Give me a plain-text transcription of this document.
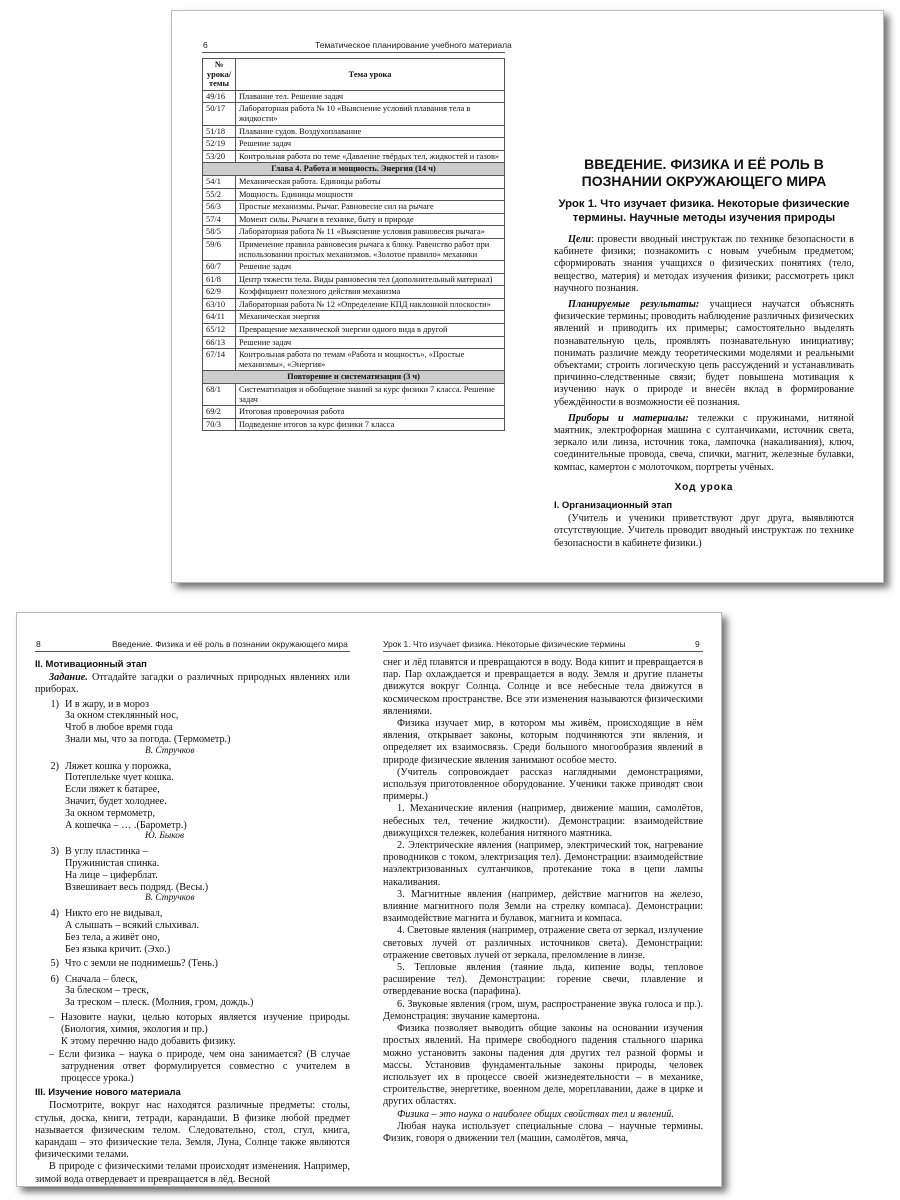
6	Тематическое планирование учебного материала
№ урока/ темы	Тема урока
49/16	Плавание тел. Решение задач
50/17	Лабораторная работа № 10 «Выяснение условий плавания тела в жидкости»
51/18	Плавание судов. Воздухоплавание
52/19	Решение задач
53/20	Контрольная работа по теме «Давление твёрдых тел, жидкостей и газов»
Глава 4. Работа и мощность. Энергия (14 ч)	
54/1	Механическая работа. Единицы работы
55/2	Мощность. Единицы мощности
56/3	Простые механизмы. Рычаг. Равновесие сил на рычаге
57/4	Момент силы. Рычаги в технике, быту и природе
58/5	Лабораторная работа № 11 «Выяснение условия равновесия рычага»
59/6	Применение правила равновесия рычага к блоку. Равенство работ при использовании простых механизмов. «Золотое правило» механики
60/7	Решение задач
61/8	Центр тяжести тела. Виды равновесия тел (дополнительный материал)
62/9	Коэффициент полезного действия механизма
63/10	Лабораторная работа № 12 «Определение КПД наклонной плоскости»
64/11	Механическая энергия
65/12	Превращение механической энергии одного вида в другой
66/13	Решение задач
67/14	Контрольная работа по темам «Работа и мощность», «Простые механизмы», «Энергия»
Повторение и систематизация (3 ч)	
68/1	Систематизация и обобщение знаний за курс физики 7 класса. Решение задач
69/2	Итоговая проверочная работа
70/3	Подведение итогов за курс физики 7 класса

ВВЕДЕНИЕ. ФИЗИКА И ЕЁ РОЛЬ В ПОЗНАНИИ ОКРУЖАЮЩЕГО МИРА

Урок 1. Что изучает физика. Некоторые физические термины. Научные методы изучения природы

Цели: провести вводный инструктаж по технике безопасности в кабинете физики; познакомить с новым учебным предметом; сформировать знания учащихся о физических понятиях (тело, вещество, материя) и методах изучения физики; рассмотреть цикл научного познания.

Планируемые результаты: учащиеся научатся объяснять физические термины; проводить наблюдение различных физических явлений и приводить их примеры; самостоятельно выделять познавательную цель, проявлять познавательную инициативу; понимать различие между теоретическими моделями и реальными объектами; строить логическую цепь рассуждений и устанавливать причинно-следственные связи; будет повышена мотивация к изучению наук о природе и внесён вклад в формирование убеждённости в возможности её познания.

Приборы и материалы: тележки с пружинами, нитяной маятник, электрофорная машина с султанчиками, источник света, зеркало или линза, источник тока, лампочка (накаливания), ключ, соединительные провода, свеча, спички, магнит, железные булавки, компас, камертон с молоточком, портреты учёных.

Ход урока

I. Организационный этап

(Учитель и ученики приветствуют друг друга, выявляются отсутствующие. Учитель проводит вводный инструктаж по технике безопасности в кабинете физики.)

8	Введение. Физика и её роль в познании окружающего мира	Урок 1. Что изучает физика. Некоторые физические термины	9

II. Мотивационный этап

Задание. Отгадайте загадки о различных природных явлениях или приборах.

1) И в жару, и в мороз
За окном стеклянный нос,
Чтоб в любое время года
Знали мы, что за погода. (Термометр.)
В. Стручков
2) Ляжет кошка у порожка,
Потеплельке чует кошка.
Если ляжет к батарее,
Значит, будет холоднее.
За окном термометр,
А кошечка – … .(Барометр.)
Ю. Быков
3) В углу пластинка –
Пружинистая спинка.
На лице – циферблат.
Взвешивает весь подряд. (Весы.)
В. Стручков
4) Никто его не видывал,
А слышать – всякий слыхивал.
Без тела, а живёт оно,
Без языка кричит. (Эхо.)
5) Что с земли не поднимешь? (Тень.)
6) Сначала – блеск,
За блеском – треск,
За треском – плеск. (Молния, гром, дождь.)

– Назовите науки, целью которых является изучение природы. (Биология, химия, экология и пр.)

К этому перечню надо добавить физику.

– Если физика – наука о природе, чем она занимается? (В случае затруднения ответ формулируется совместно с учителем в процессе урока.)

III. Изучение нового материала

Посмотрите, вокруг нас находятся различные предметы: столы, стулья, доска, книги, тетради, карандаши. В физике любой предмет называется физическим телом. Следовательно, стол, стул, книга, карандаш – это физические тела. Земля, Луна, Солнце также являются физическими телами.

В природе с физическими телами происходят изменения. Например, зимой вода отвердевает и превращается в лёд. Весной

снег и лёд плавятся и превращаются в воду. Вода кипит и превращается в пар. Пар охлаждается и превращается в воду. Земля и другие планеты движутся вокруг Солнца. Солнце и все небесные тела движутся в космическом пространстве. Все эти изменения называются физическими явлениями.

Физика изучает мир, в котором мы живём, происходящие в нём явления, открывает законы, которым подчиняются эти явления, и определяет их взаимосвязь. Среди большого многообразия явлений в природе физические явления занимают особое место.

(Учитель сопровождает рассказ наглядными демонстрациями, используя приготовленное оборудование. Ученики также приводят свои примеры.)

1. Механические явления (например, движение машин, самолётов, небесных тел, течение жидкости). Демонстрации: взаимодействие движущихся тележек, колебания нитяного маятника.

2. Электрические явления (например, электрический ток, нагревание проводников с током, электризация тел). Демонстрации: взаимодействие наэлектризованных султанчиков, протекание тока в цепи лампы накаливания.

3. Магнитные явления (например, действие магнитов на железо, влияние магнитного поля Земли на стрелку компаса). Демонстрации: взаимодействие магнита и булавок, магнита и компаса.

4. Световые явления (например, отражение света от зеркал, излучение световых лучей от различных источников света). Демонстрации: отражение световых лучей от зеркала, преломление в линзе.

5. Тепловые явления (таяние льда, кипение воды, тепловое расширение тел). Демонстрации: горение свечи, плавление и отвердевание воска (парафина).

6. Звуковые явления (гром, шум, распространение звука голоса и пр.). Демонстрация: звучание камертона.

Физика позволяет выводить общие законы на основании изучения простых явлений. На примере свободного падения стального шарика можно установить законы падения для других тел разной формы и массы. Установив фундаментальные законы природы, человек использует их в процессе своей жизнедеятельности – в механике, строительстве, энергетике, военном деле, мореплавании, даже в цирке и других областях.

Физика – это наука о наиболее общих свойствах тел и явлений.

Любая наука использует специальные слова – научные термины. Физик, говоря о движении тел (машин, самолётов, мяча,
